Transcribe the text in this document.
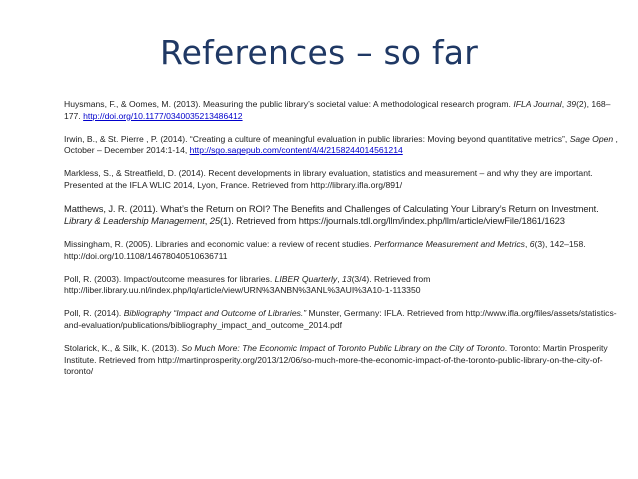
References – so far

Huysmans, F., & Oomes, M. (2013). Measuring the public library’s societal value: A methodological research program. IFLA Journal, 39(2), 168–177. http://doi.org/10.1177/0340035213486412

Irwin, B., & St. Pierre , P. (2014). “Creating a culture of meaningful evaluation in public libraries: Moving beyond quantitative metrics”, Sage Open , October – December 2014:1-14, http://sgo.sagepub.com/content/4/4/2158244014561214

Markless, S., & Streatfield, D. (2014). Recent developments in library evaluation, statistics and measurement – and why they are important. Presented at the IFLA WLIC 2014, Lyon, France. Retrieved from http://library.ifla.org/891/

Matthews, J. R. (2011). What’s the Return on ROI? The Benefits and Challenges of Calculating Your Library’s Return on Investment. Library & Leadership Management, 25(1). Retrieved from https://journals.tdl.org/llm/index.php/llm/article/viewFile/1861/1623

Missingham, R. (2005). Libraries and economic value: a review of recent studies. Performance Measurement and Metrics, 6(3), 142–158. http://doi.org/10.1108/14678040510636711

Poll, R. (2003). Impact/outcome measures for libraries. LIBER Quarterly, 13(3/4). Retrieved from http://liber.library.uu.nl/index.php/lq/article/view/URN%3ANBN%3ANL%3AUI%3A10-1-113350

Poll, R. (2014). Bibliography “Impact and Outcome of Libraries.” Munster, Germany: IFLA. Retrieved from http://www.ifla.org/files/assets/statistics-and-evaluation/publications/bibliography_impact_and_outcome_2014.pdf

Stolarick, K., & Silk, K. (2013). So Much More: The Economic Impact of Toronto Public Library on the City of Toronto. Toronto: Martin Prosperity Institute. Retrieved from http://martinprosperity.org/2013/12/06/so-much-more-the-economic-impact-of-the-toronto-public-library-on-the-city-of-toronto/
